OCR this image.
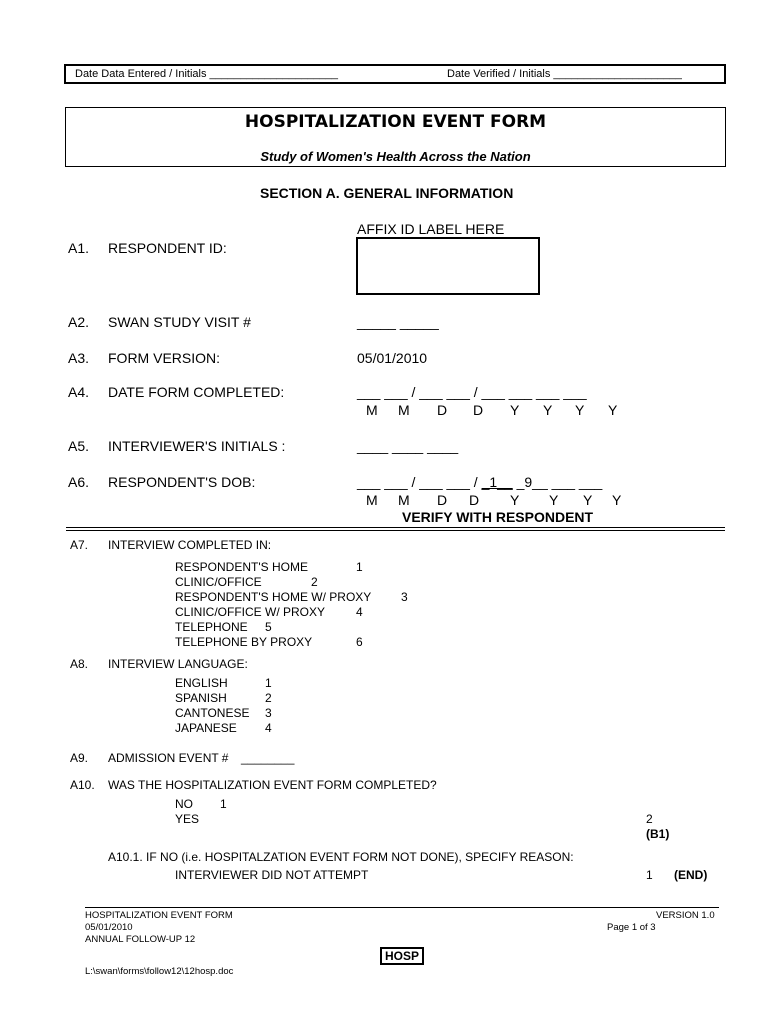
Date Data Entered / Initials _____________________	Date Verified / Initials _____________________
HOSPITALIZATION EVENT FORM
Study of Women's Health Across the Nation
SECTION A. GENERAL INFORMATION
AFFIX ID LABEL HERE
A1. RESPONDENT ID:
A2. SWAN STUDY VISIT #	_____ _____
A3. FORM VERSION:	05/01/2010
A4. DATE FORM COMPLETED:	___ ___ / ___ ___ / ___ ___ ___ ___
M M D D Y Y Y Y
A5. INTERVIEWER'S INITIALS :	____ ____ ____
A6. RESPONDENT'S DOB:	___ ___ / ___ ___ / _1__ _9__ ___ ___
M M D D Y Y Y Y
VERIFY WITH RESPONDENT
A7. INTERVIEW COMPLETED IN:
RESPONDENT'S HOME	1
CLINIC/OFFICE	2
RESPONDENT'S HOME W/ PROXY 3
CLINIC/OFFICE W/ PROXY	4
TELEPHONE 5
TELEPHONE BY PROXY	6
A8. INTERVIEW LANGUAGE:
ENGLISH	1
SPANISH	2
CANTONESE 3
JAPANESE 4
A9. ADMISSION EVENT # ________
A10. WAS THE HOSPITALIZATION EVENT FORM COMPLETED?
NO 1
YES	2
(B1)
A10.1. IF NO (i.e. HOSPITALZATION EVENT FORM NOT DONE), SPECIFY REASON:
INTERVIEWER DID NOT ATTEMPT	1 (END)
HOSPITALIZATION EVENT FORM
05/01/2010
ANNUAL FOLLOW-UP 12
VERSION 1.0
Page 1 of 3
HOSP
L:\swan\forms\follow12\12hosp.doc
